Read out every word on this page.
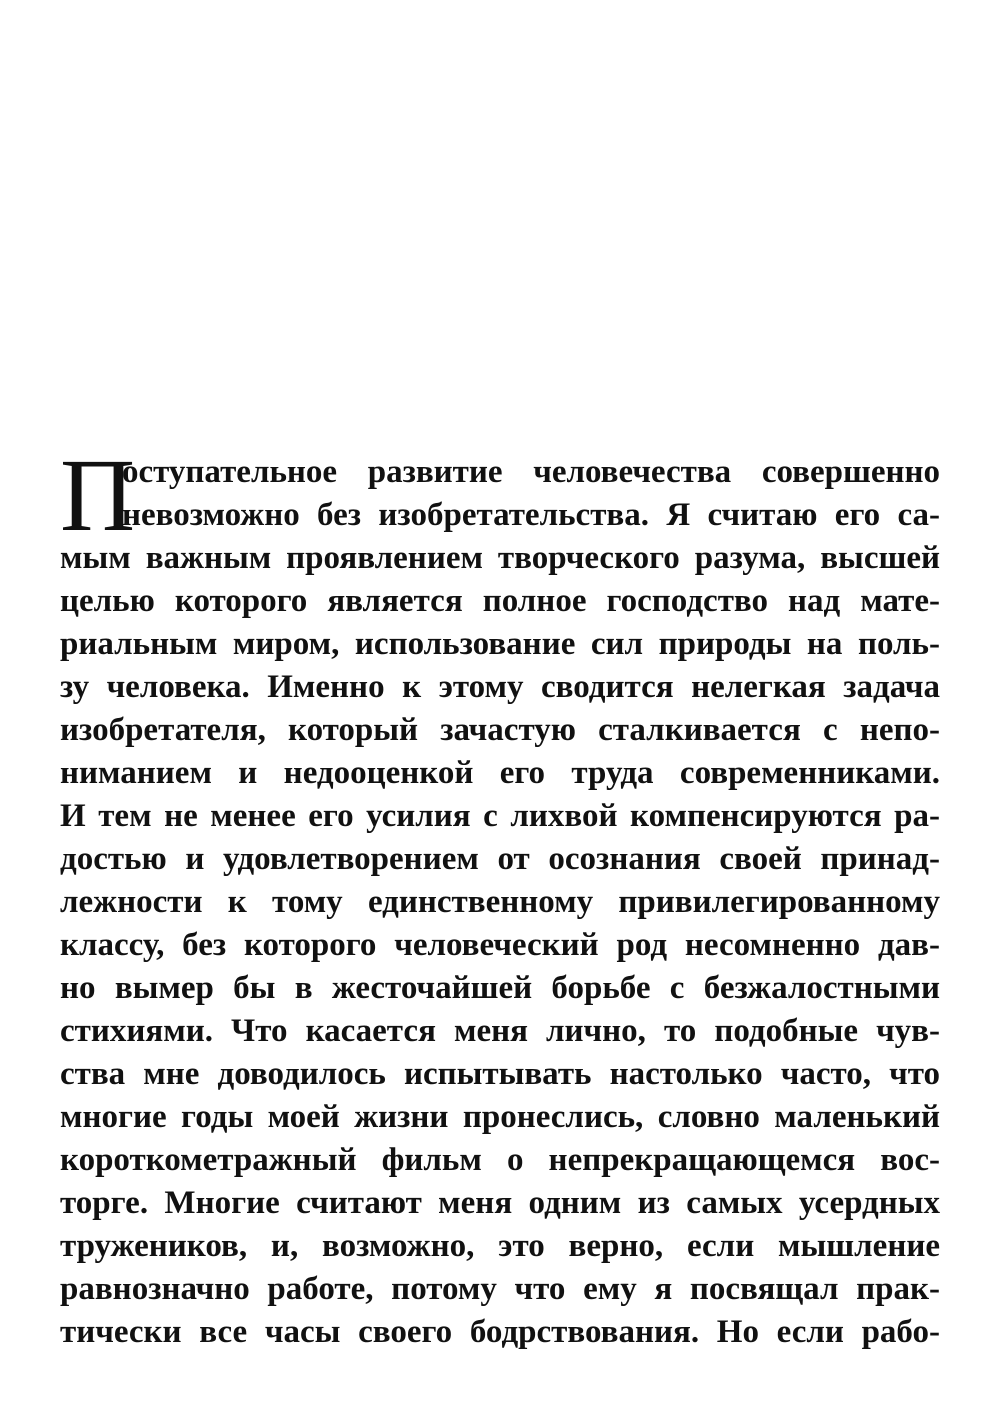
П
оступательное развитие человечества совершенно
невозможно без изобретательства. Я считаю его са-
мым важным проявлением творческого разума, высшей
целью которого является полное господство над мате-
риальным миром, использование сил природы на поль-
зу человека. Именно к этому сводится нелегкая задача
изобретателя, который зачастую сталкивается с непо-
ниманием и недооценкой его труда современниками.
И тем не менее его усилия с лихвой компенсируются ра-
достью и удовлетворением от осознания своей принад-
лежности к тому единственному привилегированному
классу, без которого человеческий род несомненно дав-
но вымер бы в жесточайшей борьбе с безжалостными
стихиями. Что касается меня лично, то подобные чув-
ства мне доводилось испытывать настолько часто, что
многие годы моей жизни пронеслись, словно маленький
короткометражный фильм о непрекращающемся вос-
торге. Многие считают меня одним из самых усердных
тружеников, и, возможно, это верно, если мышление
равнозначно работе, потому что ему я посвящал прак-
тически все часы своего бодрствования. Но если рабо-
